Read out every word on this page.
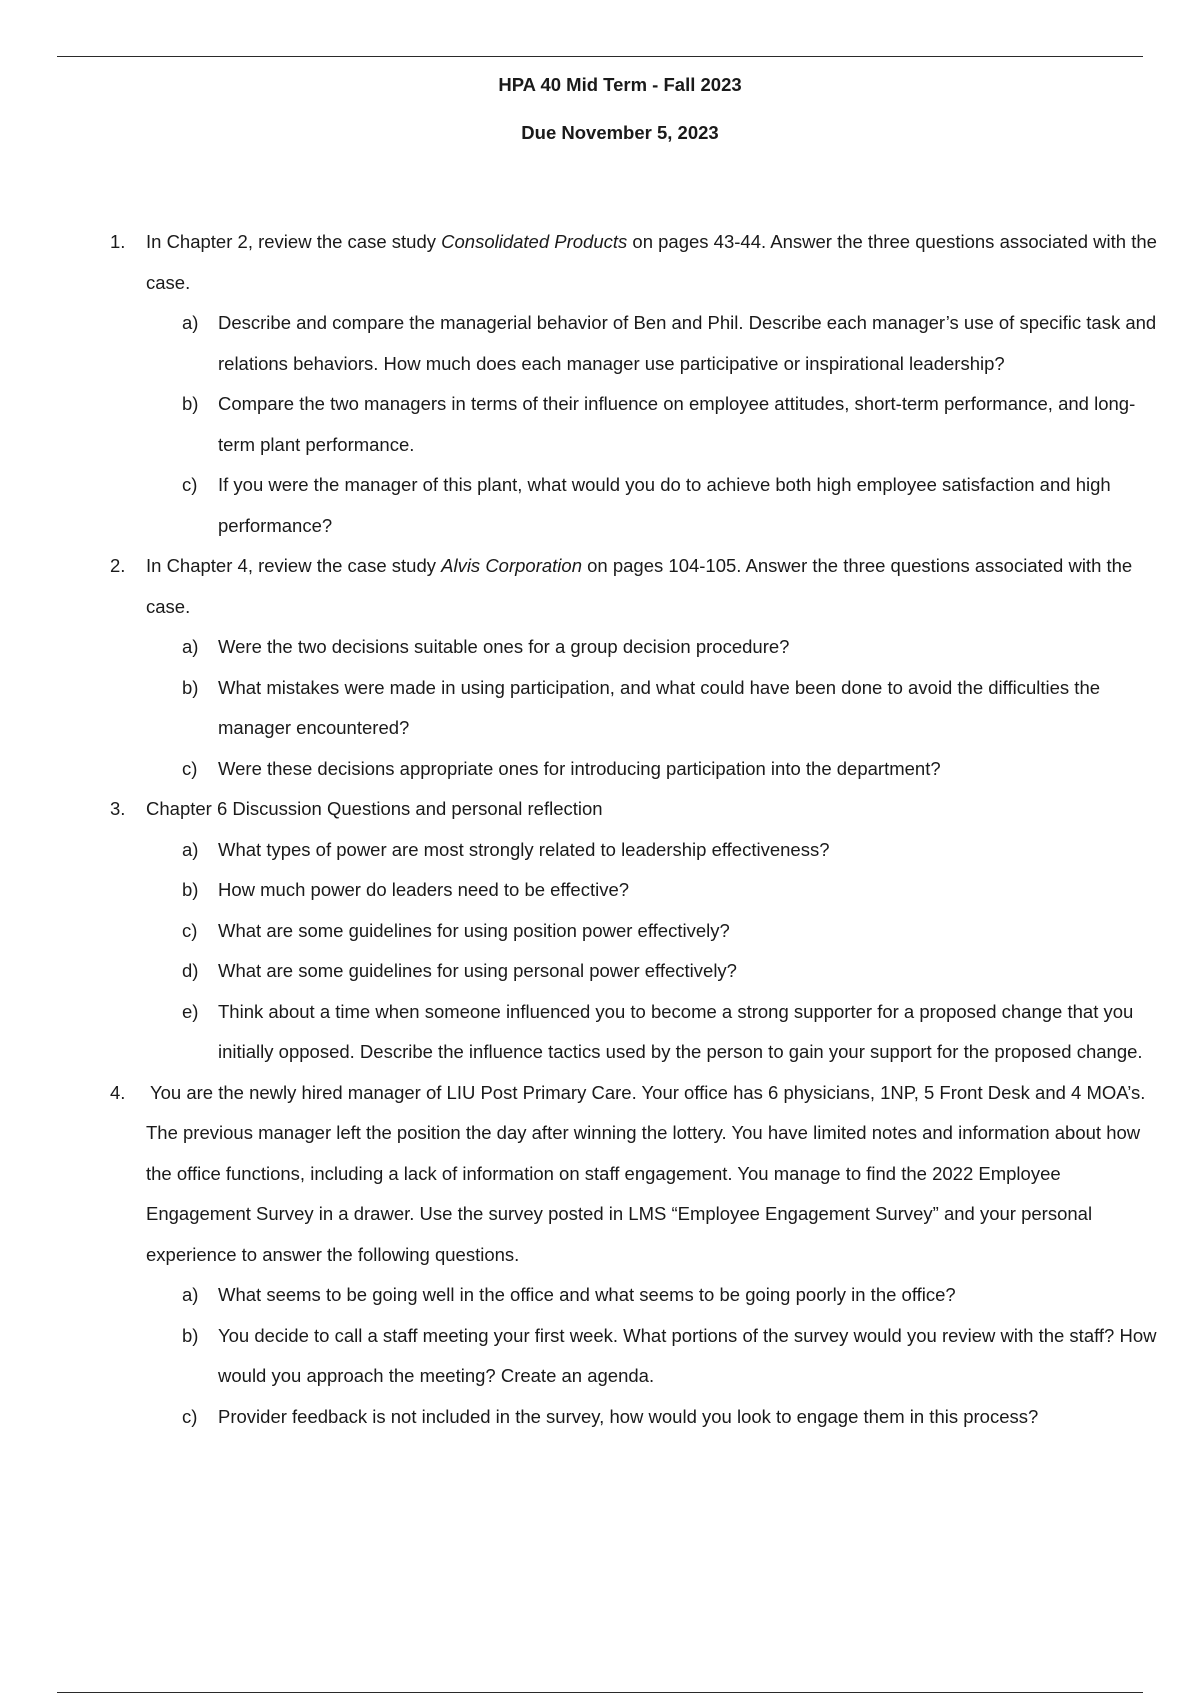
HPA 40 Mid Term - Fall 2023
Due November 5, 2023
1. In Chapter 2, review the case study Consolidated Products on pages 43-44. Answer the three questions associated with the case.
a) Describe and compare the managerial behavior of Ben and Phil. Describe each manager’s use of specific task and relations behaviors. How much does each manager use participative or inspirational leadership?
b) Compare the two managers in terms of their influence on employee attitudes, short-term performance, and long-term plant performance.
c) If you were the manager of this plant, what would you do to achieve both high employee satisfaction and high performance?
2. In Chapter 4, review the case study Alvis Corporation on pages 104-105. Answer the three questions associated with the case.
a) Were the two decisions suitable ones for a group decision procedure?
b) What mistakes were made in using participation, and what could have been done to avoid the difficulties the manager encountered?
c) Were these decisions appropriate ones for introducing participation into the department?
3. Chapter 6 Discussion Questions and personal reflection
a) What types of power are most strongly related to leadership effectiveness?
b) How much power do leaders need to be effective?
c) What are some guidelines for using position power effectively?
d) What are some guidelines for using personal power effectively?
e) Think about a time when someone influenced you to become a strong supporter for a proposed change that you initially opposed. Describe the influence tactics used by the person to gain your support for the proposed change.
4. You are the newly hired manager of LIU Post Primary Care. Your office has 6 physicians, 1NP, 5 Front Desk and 4 MOA’s. The previous manager left the position the day after winning the lottery. You have limited notes and information about how the office functions, including a lack of information on staff engagement. You manage to find the 2022 Employee Engagement Survey in a drawer. Use the survey posted in LMS “Employee Engagement Survey” and your personal experience to answer the following questions.
a) What seems to be going well in the office and what seems to be going poorly in the office?
b) You decide to call a staff meeting your first week. What portions of the survey would you review with the staff? How would you approach the meeting? Create an agenda.
c) Provider feedback is not included in the survey, how would you look to engage them in this process?
